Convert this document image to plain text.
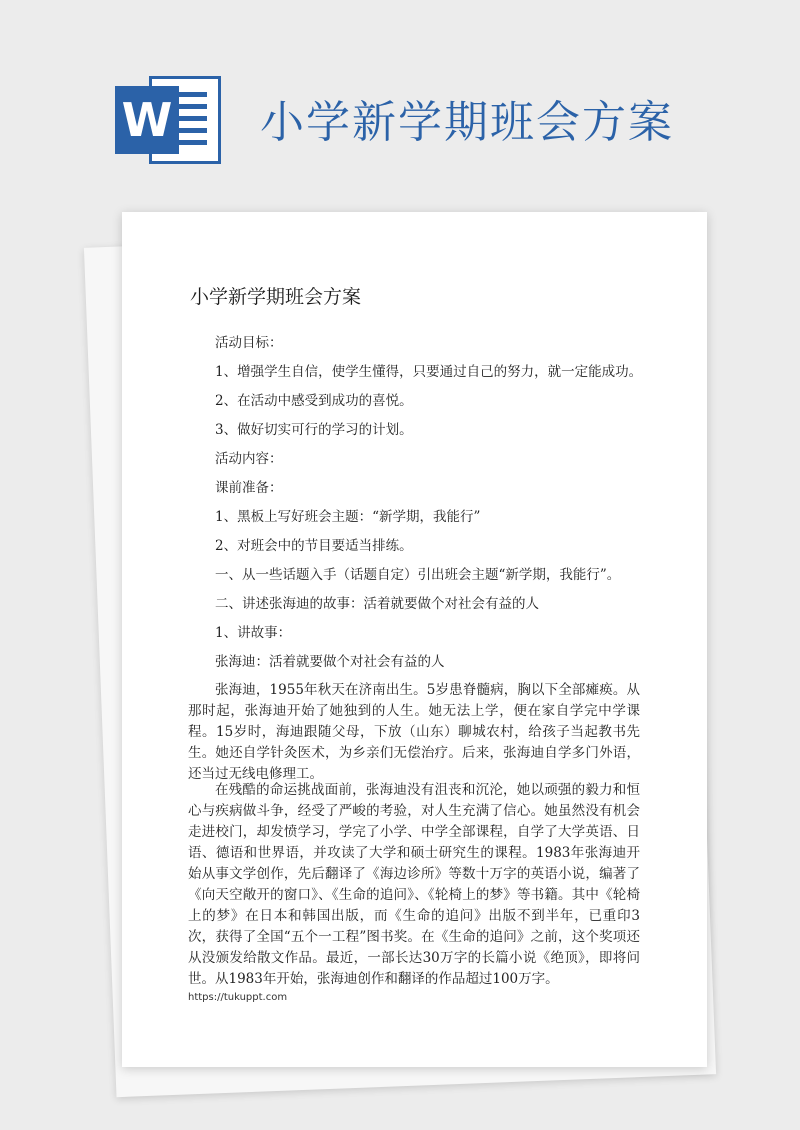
W 小学新学期班会方案
小学新学期班会方案
活动目标：
1、增强学生自信，使学生懂得，只要通过自己的努力，就一定能成功。
2、在活动中感受到成功的喜悦。
3、做好切实可行的学习的计划。
活动内容：
课前准备：
1、黑板上写好班会主题：“新学期，我能行”
2、对班会中的节目要适当排练。
一、从一些话题入手（话题自定）引出班会主题“新学期，我能行”。
二、讲述张海迪的故事：活着就要做个对社会有益的人
1、讲故事：
张海迪：活着就要做个对社会有益的人

张海迪，1955年秋天在济南出生。5岁患脊髓病，胸以下全部瘫痪。从那时起，张海迪开始了她独到的人生。她无法上学，便在家自学完中学课程。15岁时，海迪跟随父母，下放（山东）聊城农村，给孩子当起教书先生。她还自学针灸医术，为乡亲们无偿治疗。后来，张海迪自学多门外语，还当过无线电修理工。

在残酷的命运挑战面前，张海迪没有沮丧和沉沦，她以顽强的毅力和恒心与疾病做斗争，经受了严峻的考验，对人生充满了信心。她虽然没有机会走进校门，却发愤学习，学完了小学、中学全部课程，自学了大学英语、日语、德语和世界语，并攻读了大学和硕士研究生的课程。1983年张海迪开始从事文学创作，先后翻译了《海边诊所》等数十万字的英语小说，编著了《向天空敞开的窗口》、《生命的追问》、《轮椅上的梦》等书籍。其中《轮椅上的梦》在日本和韩国出版，而《生命的追问》出版不到半年，已重印3次，获得了全国“五个一工程”图书奖。在《生命的追问》之前，这个奖项还从没颁发给散文作品。最近，一部长达30万字的长篇小说《绝顶》，即将问世。从1983年开始，张海迪创作和翻译的作品超过100万字。

https://tukuppt.com
